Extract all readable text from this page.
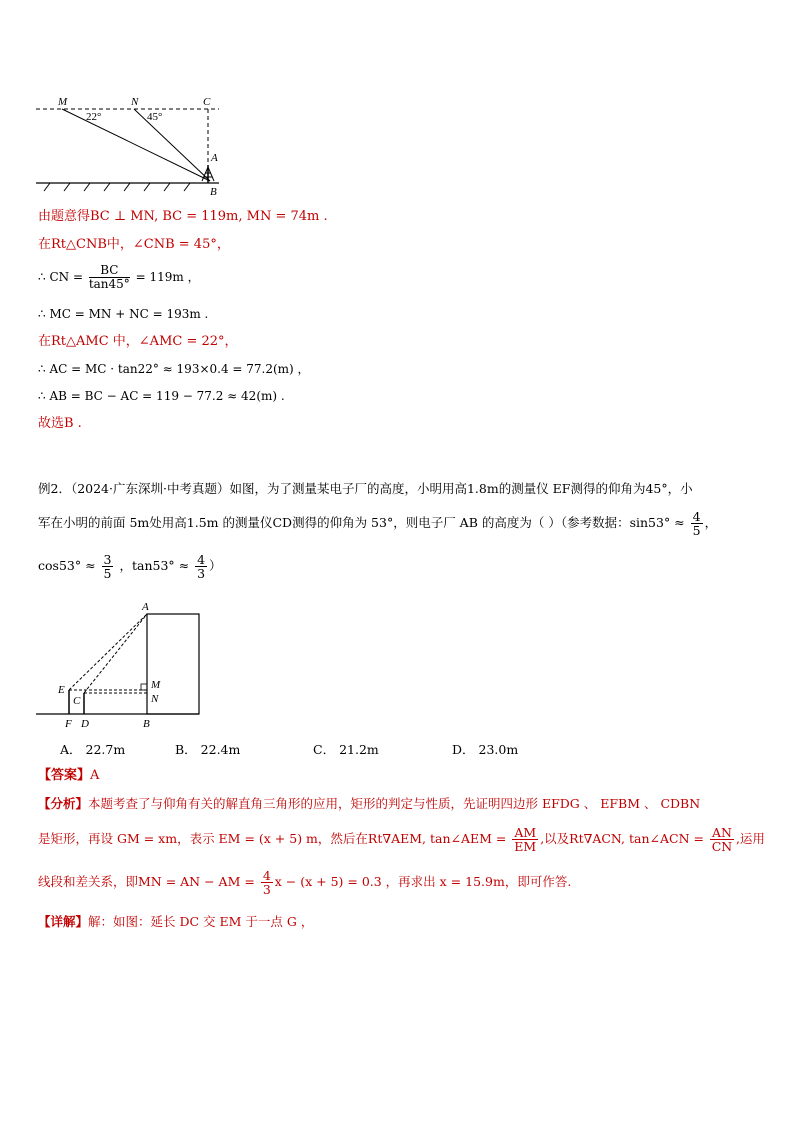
M	N	C
A
B
22°	45°
由题意得BC ⊥ MN, BC = 119m, MN = 74m .
在Rt△CNB中，∠CNB = 45°，
∴ CN = $\frac{BC}{\tan 45^\circ} = 119m$ ，
∴ MC = MN + NC = 193m .
在Rt△AMC 中，∠AMC = 22°，
∴ AC = MC · tan22° ≈ 193×0.4 = 77.2(m) ，
∴ AB = BC − AC = 119 − 77.2 ≈ 42(m) .
故选B .
例2．（2024·广东深圳·中考真题）如图，为了测量某电子厂的高度，小明用高1.8m的测量仪 EF测得的仰角为45°，小
军在小明的前面 5m处用高1.5m 的测量仪CD测得的仰角为 53°，则电子厂 AB 的高度为（ ）（参考数据：$\sin 53^\circ \approx \frac{4}{5}$ ，
$\cos 53^\circ \approx \frac{3}{5}$ ，$\tan 53^\circ \approx \frac{4}{3}$ ）
A
E
C
M
N
F D	B
A． 22.7m	B． 22.4m	C． 21.2m	D． 23.0m
【答案】A
【分析】本题考查了与仰角有关的解直角三角形的应用，矩形的判定与性质，先证明四边形 EFDG 、 EFBM 、 CDBN
是矩形，再设 GM = xm，表示 EM = (x + 5) m，然后在Rt∇AEM, tan∠AEM = $\frac{AM}{EM}$ ,以及Rt∇ACN, tan∠ACN = $\frac{AN}{CN}$ ,运用
线段和差关系，即MN = AN − AM = $\frac{4}{3}$ x − (x + 5) = 0.3 ，再求出 x = 15.9m，即可作答.
【详解】解：如图：延长 DC 交 EM 于一点 G ，
